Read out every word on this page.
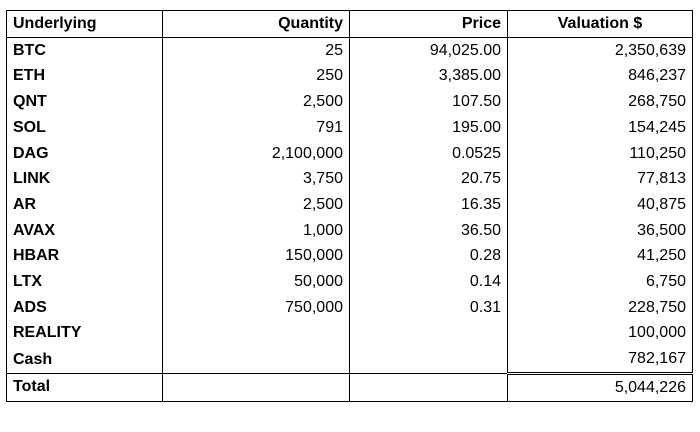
Underlying	Quantity	Price	Valuation $
BTC	25	94,025.00	2,350,639
ETH	250	3,385.00	846,237
QNT	2,500	107.50	268,750
SOL	791	195.00	154,245
DAG	2,100,000	0.0525	110,250
LINK	3,750	20.75	77,813
AR	2,500	16.35	40,875
AVAX	1,000	36.50	36,500
HBAR	150,000	0.28	41,250
LTX	50,000	0.14	6,750
ADS	750,000	0.31	228,750
REALITY			100,000
Cash			782,167
Total			5,044,226
